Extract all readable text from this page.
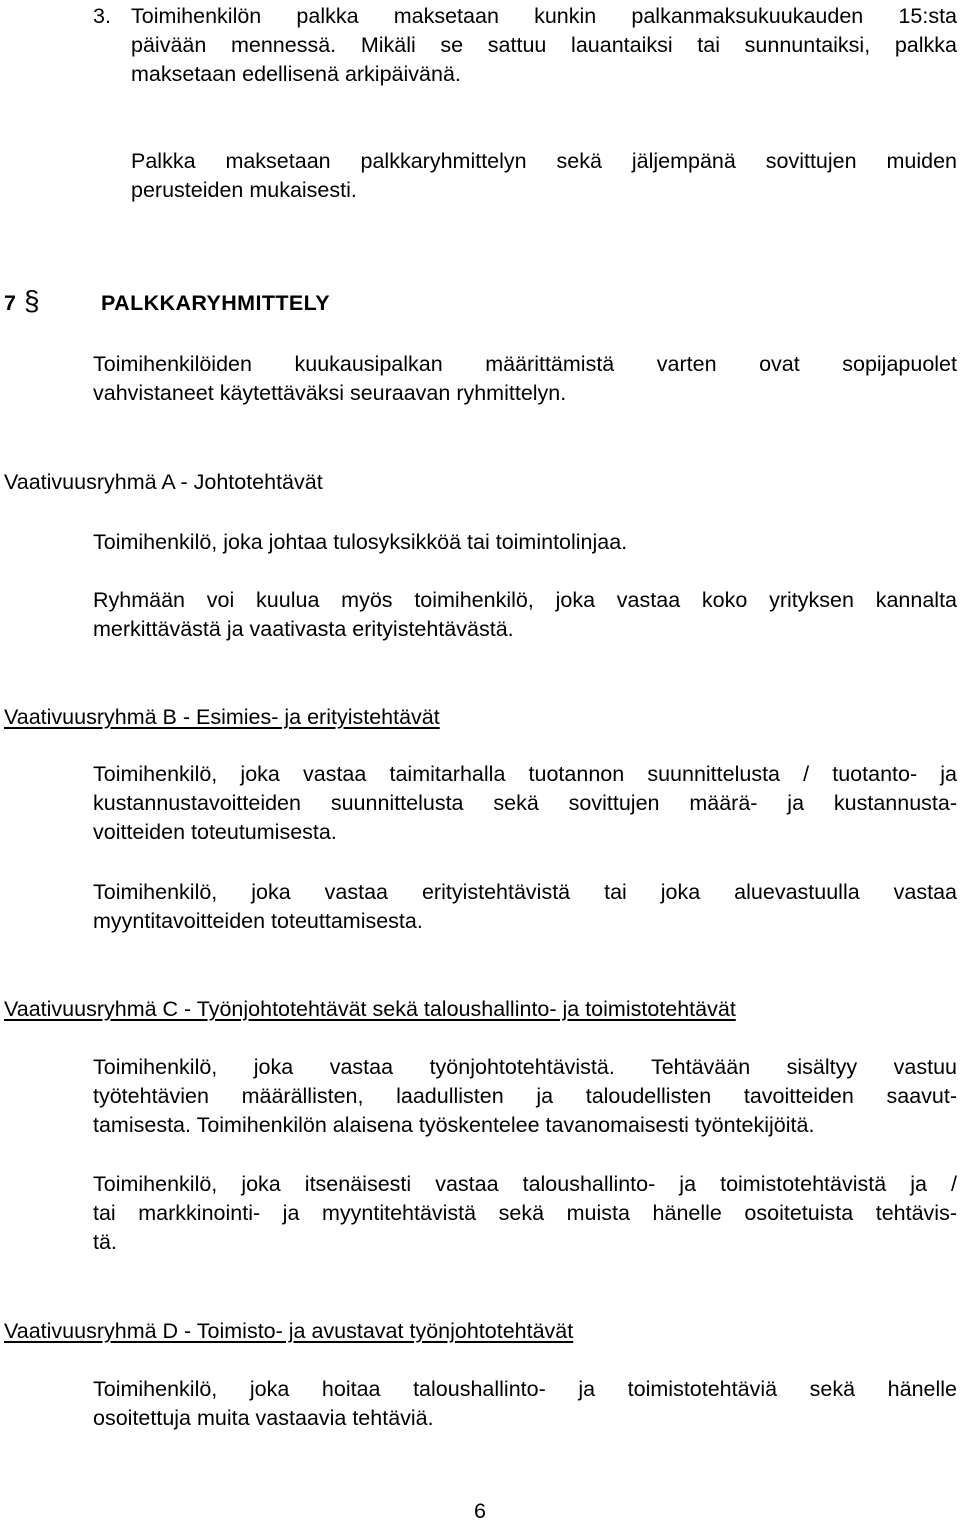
3. Toimihenkilön palkka maksetaan kunkin palkanmaksukuukauden 15:sta
päivään mennessä. Mikäli se sattuu lauantaiksi tai sunnuntaiksi, palkka
maksetaan edellisenä arkipäivänä.
Palkka maksetaan palkkaryhmittelyn sekä jäljempänä sovittujen muiden
perusteiden mukaisesti.
7 §	PALKKARYHMITTELY
Toimihenkilöiden kuukausipalkan määrittämistä varten ovat sopijapuolet
vahvistaneet käytettäväksi seuraavan ryhmittelyn.
Vaativuusryhmä A - Johtotehtävät
Toimihenkilö, joka johtaa tulosyksikköä tai toimintolinjaa.
Ryhmään voi kuulua myös toimihenkilö, joka vastaa koko yrityksen kannalta
merkittävästä ja vaativasta erityistehtävästä.
Vaativuusryhmä B - Esimies- ja erityistehtävät
Toimihenkilö, joka vastaa taimitarhalla tuotannon suunnittelusta / tuotanto- ja
kustannustavoitteiden suunnittelusta sekä sovittujen määrä- ja kustannusta-
voitteiden toteutumisesta.
Toimihenkilö, joka vastaa erityistehtävistä tai joka aluevastuulla vastaa
myyntitavoitteiden toteuttamisesta.
Vaativuusryhmä C - Työnjohtotehtävät sekä taloushallinto- ja toimistotehtävät
Toimihenkilö, joka vastaa työnjohtotehtävistä. Tehtävään sisältyy vastuu
työtehtävien määrällisten, laadullisten ja taloudellisten tavoitteiden saavut-
tamisesta. Toimihenkilön alaisena työskentelee tavanomaisesti työntekijöitä.
Toimihenkilö, joka itsenäisesti vastaa taloushallinto- ja toimistotehtävistä ja /
tai markkinointi- ja myyntitehtävistä sekä muista hänelle osoitetuista tehtävis-
tä.
Vaativuusryhmä D - Toimisto- ja avustavat työnjohtotehtävät
Toimihenkilö, joka hoitaa taloushallinto- ja toimistotehtäviä sekä hänelle
osoitettuja muita vastaavia tehtäviä.
6
